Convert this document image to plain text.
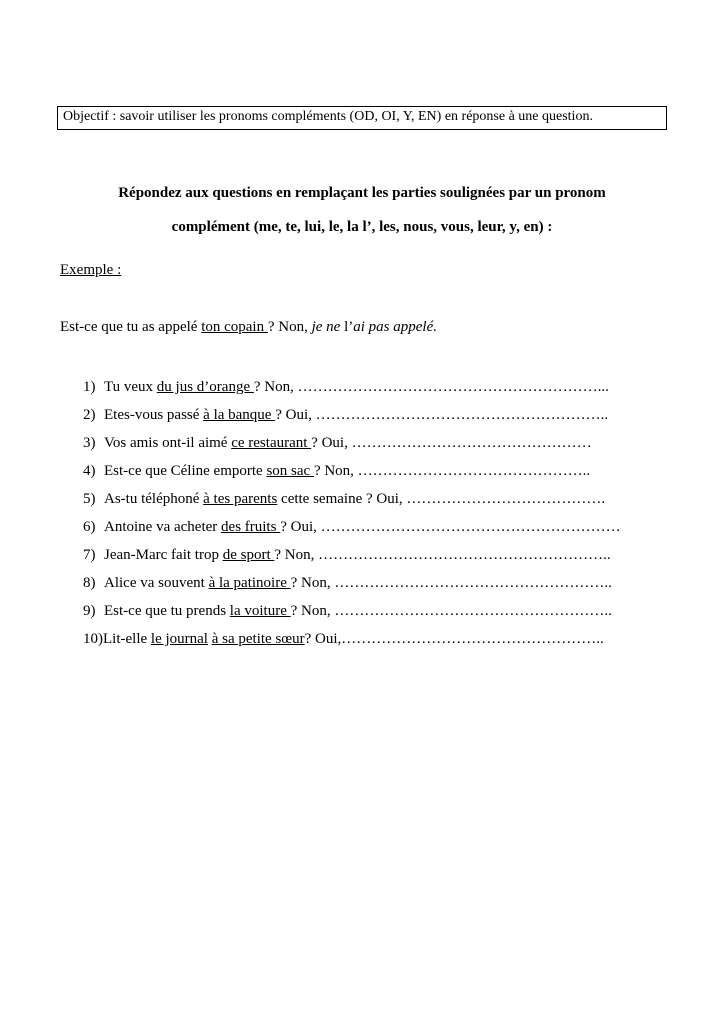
Objectif : savoir utiliser les pronoms compléments (OD, OI, Y, EN) en réponse à une question.
Répondez aux questions en remplaçant les parties soulignées par un pronom
complément (me, te, lui, le, la l’, les, nous, vous, leur, y, en) :
Exemple :
Est-ce que tu as appelé ton copain ? Non, je ne l’ai pas appelé.
1) Tu veux du jus d’orange ? Non, ……………………………………………………...
2) Etes-vous passé à la banque ? Oui, …………………………………………………..
3) Vos amis ont-il aimé ce restaurant ? Oui, …………………………………………
4) Est-ce que Céline emporte son sac ? Non, ………………………………………..
5) As-tu téléphoné à tes parents cette semaine ? Oui, ………………………………….
6) Antoine va acheter des fruits ? Oui, ……………………………………………………
7) Jean-Marc fait trop de sport ? Non, …………………………………………………..
8) Alice va souvent à la patinoire ? Non, ………………………………………………..
9) Est-ce que tu prends la voiture ? Non, ………………………………………………..
10)Lit-elle le journal à sa petite sœur? Oui,……………………………………………..
